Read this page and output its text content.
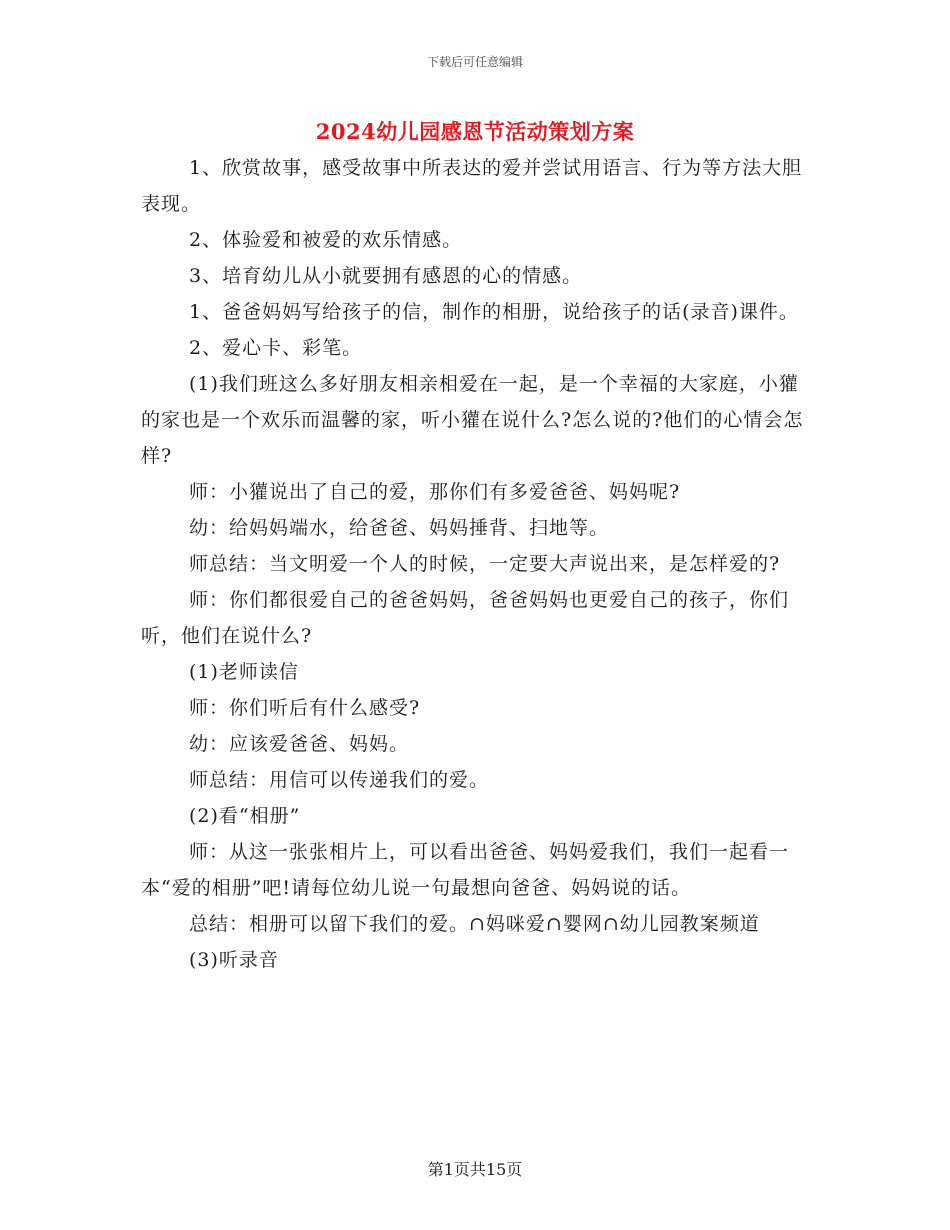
下载后可任意编辑
2024幼儿园感恩节活动策划方案

1、欣赏故事，感受故事中所表达的爱并尝试用语言、行为等方法大胆表现。

2、体验爱和被爱的欢乐情感。

3、培育幼儿从小就要拥有感恩的心的情感。

1、爸爸妈妈写给孩子的信，制作的相册，说给孩子的话(录音)课件。

2、爱心卡、彩笔。

(1)我们班这么多好朋友相亲相爱在一起，是一个幸福的大家庭，小獾的家也是一个欢乐而温馨的家，听小獾在说什么?怎么说的?他们的心情会怎样?

师：小獾说出了自己的爱，那你们有多爱爸爸、妈妈呢?

幼：给妈妈端水，给爸爸、妈妈捶背、扫地等。

师总结：当文明爱一个人的时候，一定要大声说出来，是怎样爱的?

师：你们都很爱自己的爸爸妈妈，爸爸妈妈也更爱自己的孩子，你们听，他们在说什么?

(1)老师读信

师：你们听后有什么感受?

幼：应该爱爸爸、妈妈。

师总结：用信可以传递我们的爱。

(2)看“相册”

师：从这一张张相片上，可以看出爸爸、妈妈爱我们，我们一起看一本“爱的相册”吧!请每位幼儿说一句最想向爸爸、妈妈说的话。

总结：相册可以留下我们的爱。∩妈咪爱∩婴网∩幼儿园教案频道

(3)听录音

第1页共15页
